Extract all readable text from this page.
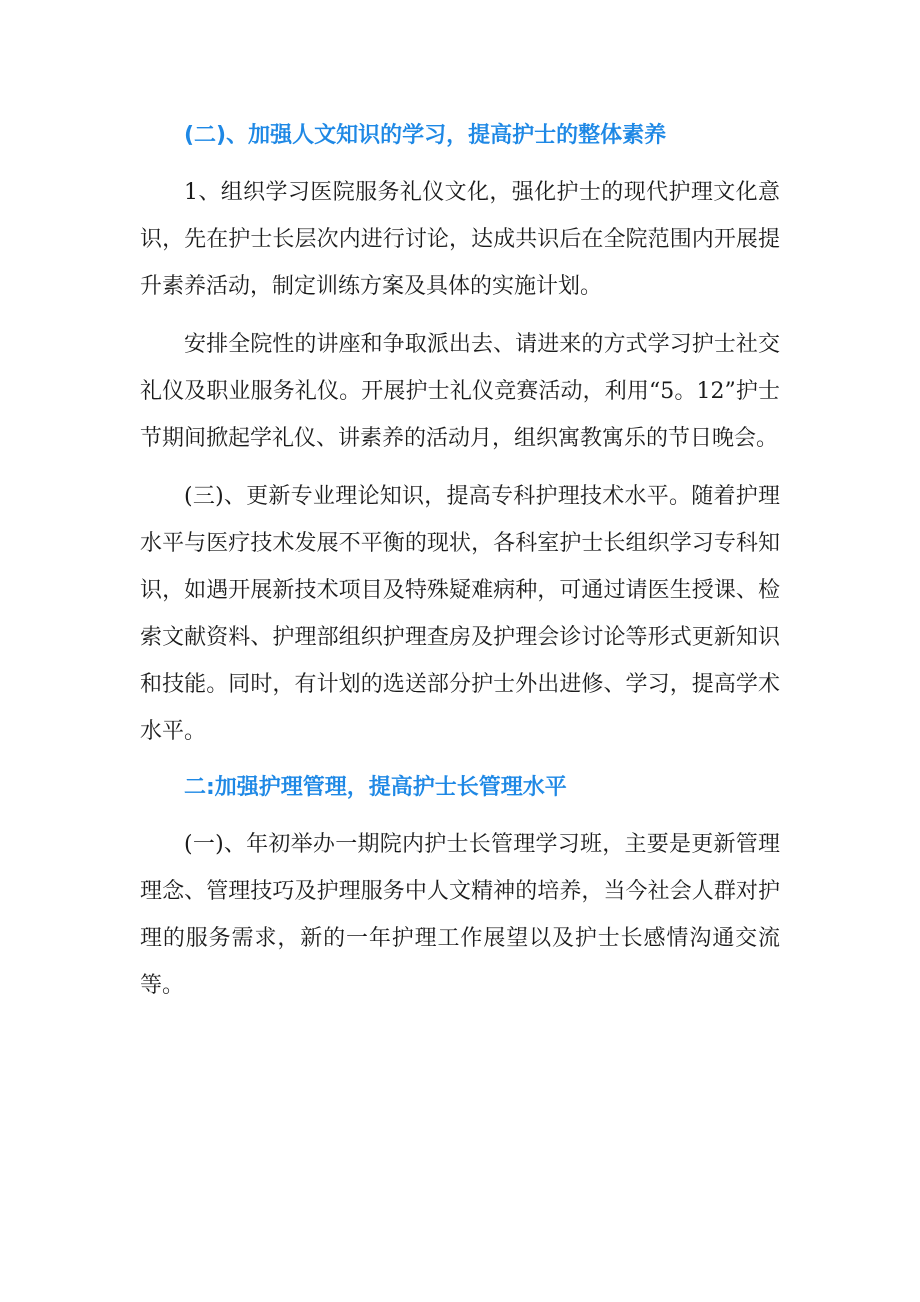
(二)、加强人文知识的学习，提高护士的整体素养

1、组织学习医院服务礼仪文化，强化护士的现代护理文化意识，先在护士长层次内进行讨论，达成共识后在全院范围内开展提升素养活动，制定训练方案及具体的实施计划。

安排全院性的讲座和争取派出去、请进来的方式学习护士社交礼仪及职业服务礼仪。开展护士礼仪竞赛活动，利用“5。12”护士节期间掀起学礼仪、讲素养的活动月，组织寓教寓乐的节日晚会。

(三)、更新专业理论知识，提高专科护理技术水平。随着护理水平与医疗技术发展不平衡的现状，各科室护士长组织学习专科知识，如遇开展新技术项目及特殊疑难病种，可通过请医生授课、检索文献资料、护理部组织护理查房及护理会诊讨论等形式更新知识和技能。同时，有计划的选送部分护士外出进修、学习，提高学术水平。

二:加强护理管理，提高护士长管理水平

(一)、年初举办一期院内护士长管理学习班，主要是更新管理理念、管理技巧及护理服务中人文精神的培养，当今社会人群对护理的服务需求，新的一年护理工作展望以及护士长感情沟通交流等。
